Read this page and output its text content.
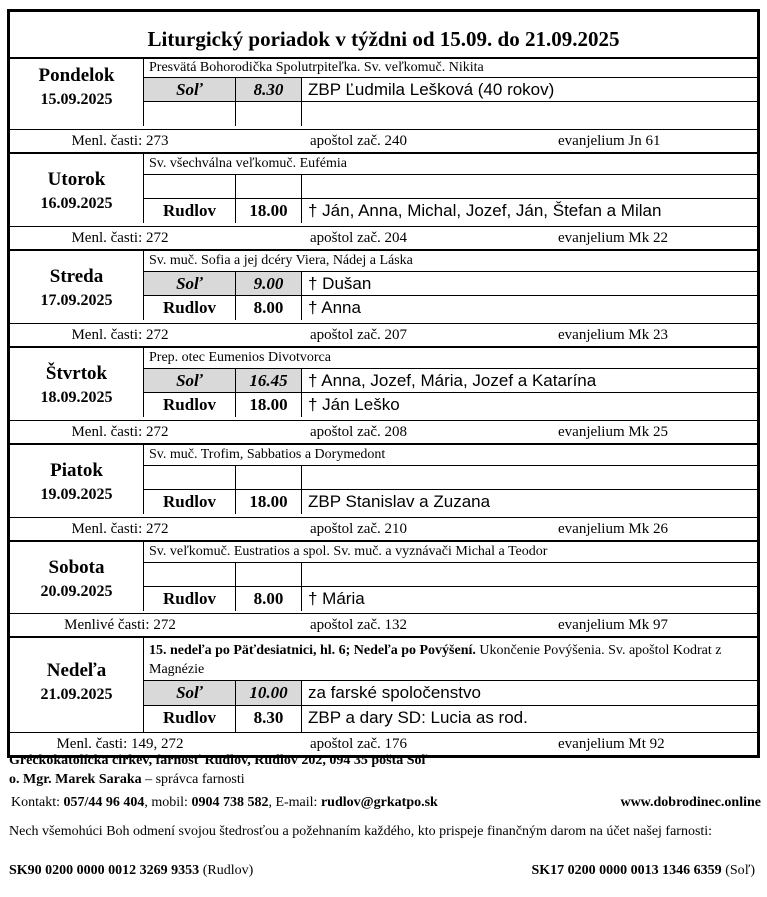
Liturgický poriadok v týždni od 15.09. do 21.09.2025
Pondelok
15.09.2025
Presvätá Bohorodička Spolutrpiteľka. Sv. veľkomuč. Nikita
Soľ	8.30	ZBP Ľudmila Lešková (40 rokov)
Menl. časti: 273	apoštol zač. 240	evanjelium Jn 61
Utorok
16.09.2025
Sv. všechválna veľkomuč. Eufémia
Rudlov	18.00	† Ján, Anna, Michal, Jozef, Ján, Štefan a Milan
Menl. časti: 272	apoštol zač. 204	evanjelium Mk 22
Streda
17.09.2025
Sv. muč. Sofia a jej dcéry Viera, Nádej a Láska
Soľ	9.00	† Dušan
Rudlov	8.00	† Anna
Menl. časti: 272	apoštol zač. 207	evanjelium Mk 23
Štvrtok
18.09.2025
Prep. otec Eumenios Divotvorca
Soľ	16.45	† Anna, Jozef, Mária, Jozef a Katarína
Rudlov	18.00	† Ján Leško
Menl. časti: 272	apoštol zač. 208	evanjelium Mk 25
Piatok
19.09.2025
Sv. muč. Trofim, Sabbatios a Dorymedont
Rudlov	18.00	ZBP Stanislav a Zuzana
Menl. časti: 272	apoštol zač. 210	evanjelium Mk 26
Sobota
20.09.2025
Sv. veľkomuč. Eustratios a spol. Sv. muč. a vyznávači Michal a Teodor
Rudlov	8.00	† Mária
Menlivé časti: 272	apoštol zač. 132	evanjelium Mk 97
Nedeľa
21.09.2025
15. nedeľa po Päťdesiatnici, hl. 6; Nedeľa po Povýšení. Ukončenie Povýšenia. Sv. apoštol Kodrat z Magnézie
Soľ	10.00	za farské spoločenstvo
Rudlov	8.30	ZBP a dary SD: Lucia as rod.
Menl. časti: 149, 272	apoštol zač. 176	evanjelium Mt 92
Gréckokatolícka cirkev, farnosť Rudlov, Rudlov 202, 094 35 pošta Soľ
o. Mgr. Marek Saraka – správca farnosti
Kontakt: 057/44 96 404, mobil: 0904 738 582, E-mail: rudlov@grkatpo.sk	www.dobrodinec.online
Nech všemohúci Boh odmení svojou štedrosťou a požehnaním každého, kto prispeje finančným darom na účet našej farnosti:
SK90 0200 0000 0012 3269 9353 (Rudlov)	SK17 0200 0000 0013 1346 6359 (Soľ)
